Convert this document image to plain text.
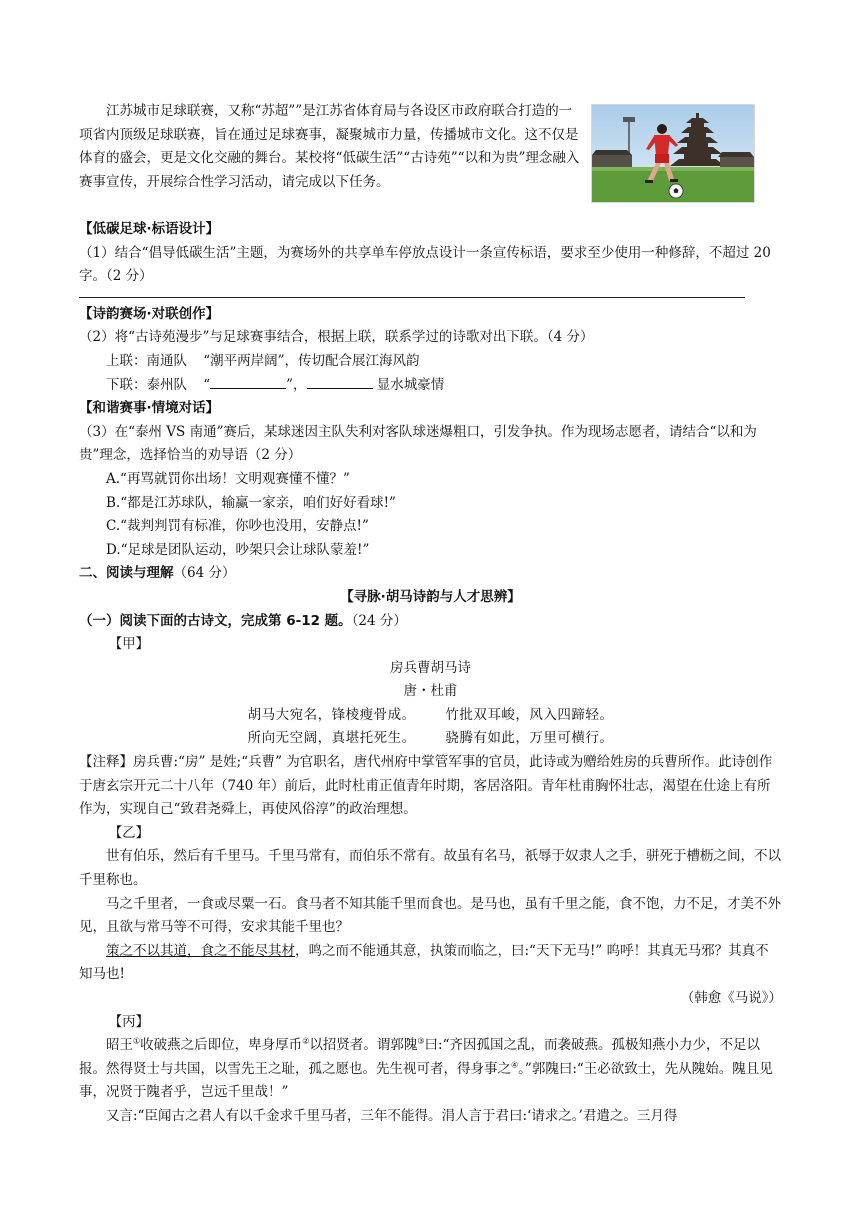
江苏城市足球联赛，又称“苏超””是江苏省体育局与各设区市政府联合打造的一项省内顶级足球联赛，旨在通过足球赛事，凝聚城市力量，传播城市文化。这不仅是体育的盛会，更是文化交融的舞台。某校将“低碳生活”“古诗苑”“以和为贵”理念融入赛事宣传，开展综合性学习活动，请完成以下任务。

【低碳足球·标语设计】

（1）结合“倡导低碳生活”主题，为赛场外的共享单车停放点设计一条宣传标语，要求至少使用一种修辞，不超过 20 字。（2 分）

【诗韵赛场·对联创作】

（2）将“古诗苑漫步”与足球赛事结合，根据上联，联系学过的诗歌对出下联。（4 分）

上联：南通队 “潮平两岸阔”，传切配合展江海风韵

下联：泰州队 “	”，	显水城豪情

【和谐赛事·情境对话】

（3）在“泰州 VS 南通”赛后，某球迷因主队失利对客队球迷爆粗口，引发争执。作为现场志愿者，请结合“以和为贵”理念，选择恰当的劝导语（2 分）

A.“再骂就罚你出场！文明观赛懂不懂？”

B.“都是江苏球队，输赢一家亲，咱们好好看球!”

C.“裁判判罚有标准，你吵也没用，安静点!”

D.“足球是团队运动，吵架只会让球队蒙羞!”

二、阅读与理解（64 分）

【寻脉·胡马诗韵与人才思辨】

（一）阅读下面的古诗文，完成第 6-12 题。（24 分）

【甲】

房兵曹胡马诗

唐・杜甫

胡马大宛名，锋棱瘦骨成。 竹批双耳峻，风入四蹄轻。

所向无空阔，真堪托死生。 骁腾有如此，万里可横行。

【注释】房兵曹:“房” 是姓;“兵曹” 为官职名，唐代州府中掌管军事的官员，此诗或为赠给姓房的兵曹所作。此诗创作于唐玄宗开元二十八年（740 年）前后，此时杜甫正值青年时期，客居洛阳。青年杜甫胸怀壮志，渴望在仕途上有所作为，实现自己“致君尧舜上，再使风俗淳”的政治理想。

【乙】

世有伯乐，然后有千里马。千里马常有，而伯乐不常有。故虽有名马，祇辱于奴隶人之手，骈死于槽枥之间，不以千里称也。

马之千里者，一食或尽粟一石。食马者不知其能千里而食也。是马也，虽有千里之能，食不饱，力不足，才美不外见，且欲与常马等不可得，安求其能千里也？

策之不以其道，食之不能尽其材，鸣之而不能通其意，执策而临之，曰:“天下无马!” 呜呼！其真无马邪？其真不知马也!

（韩愈《马说》）

【丙】

昭王①收破燕之后即位，卑身厚币②以招贤者。谓郭隗③曰:“齐因孤国之乱，而袭破燕。孤极知燕小力少，不足以报。然得贤士与共国，以雪先王之耻，孤之愿也。先生视可者，得身事之④。”郭隗曰:“王必欲致士，先从隗始。隗且见事，况贤于隗者乎，岂远千里哉！”

又言:“臣闻古之君人有以千金求千里马者，三年不能得。涓人言于君曰:‘请求之。’君遣之。三月得
